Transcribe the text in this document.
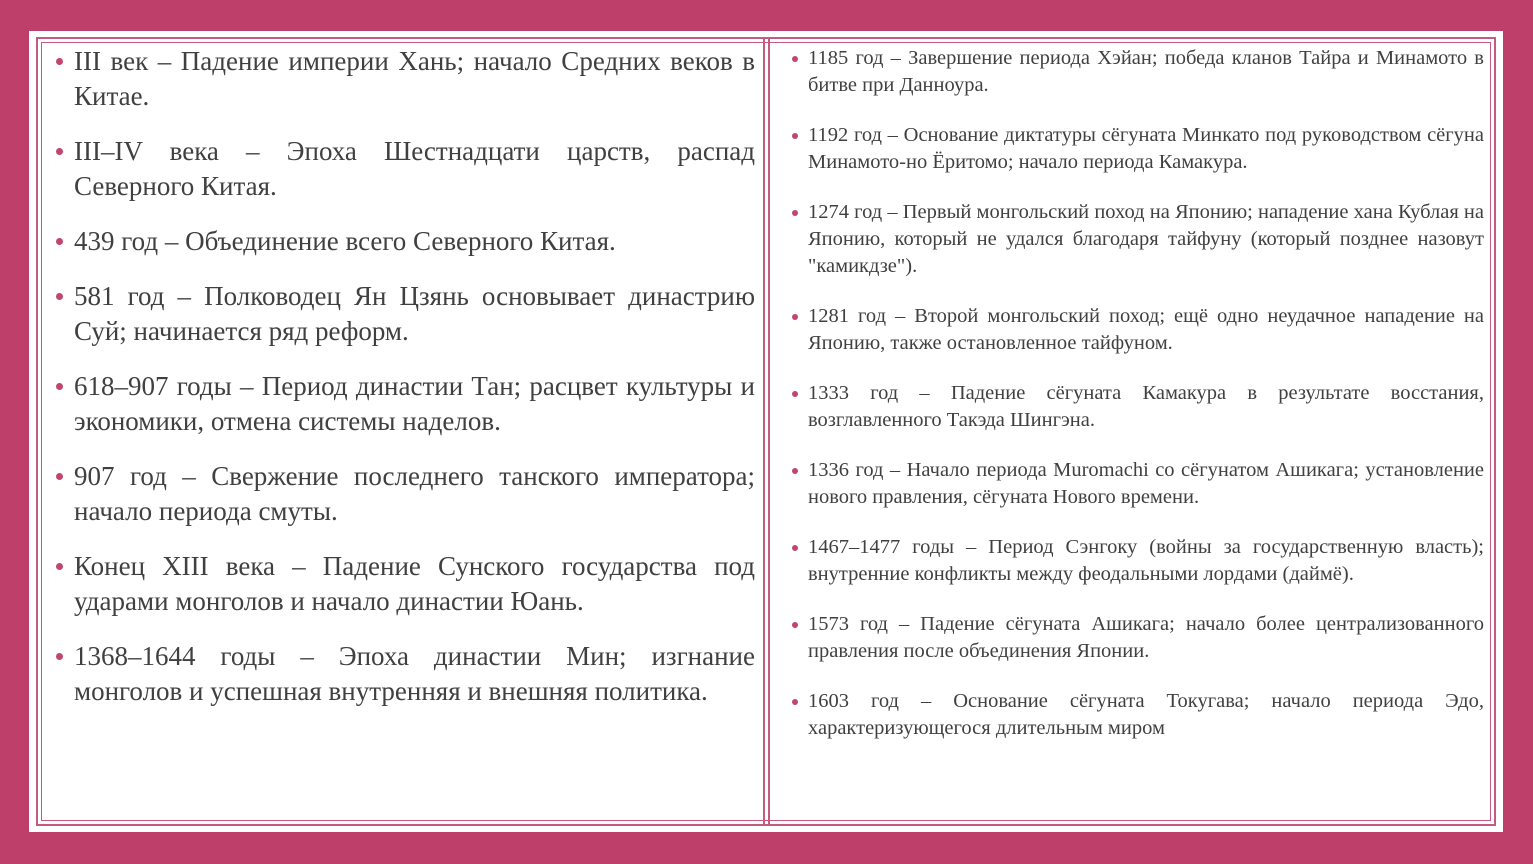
III век – Падение империи Хань; начало Средних веков в Китае.
III–IV века – Эпоха Шестнадцати царств, распад Северного Китая.
439 год – Объединение всего Северного Китая.
581 год – Полководец Ян Цзянь основывает династрию Суй; начинается ряд реформ.
618–907 годы – Период династии Тан; расцвет культуры и экономики, отмена системы наделов.
907 год – Свержение последнего танского императора; начало периода смуты.
Конец XIII века – Падение Сунского государства под ударами монголов и начало династии Юань.
1368–1644 годы – Эпоха династии Мин; изгнание монголов и успешная внутренняя и внешняя политика.
1185 год – Завершение периода Хэйан; победа кланов Тайра и Минамото в битве при Данноура.
1192 год – Основание диктатуры сёгуната Минкато под руководством сёгуна Минамото-но Ёритомо; начало периода Камакура.
1274 год – Первый монгольский поход на Японию; нападение хана Кублая на Японию, который не удался благодаря тайфуну (который позднее назовут "камикдзе").
1281 год – Второй монгольский поход; ещё одно неудачное нападение на Японию, также остановленное тайфуном.
1333 год – Падение сёгуната Камакура в результате восстания, возглавленного Такэда Шингэна.
1336 год – Начало периода Muromachi со сёгунатом Ашикага; установление нового правления, сёгуната Нового времени.
1467–1477 годы – Период Сэнгоку (войны за государственную власть); внутренние конфликты между феодальными лордами (даймё).
1573 год – Падение сёгуната Ашикага; начало более централизованного правления после объединения Японии.
1603 год – Основание сёгуната Токугава; начало периода Эдо, характеризующегося длительным миром
